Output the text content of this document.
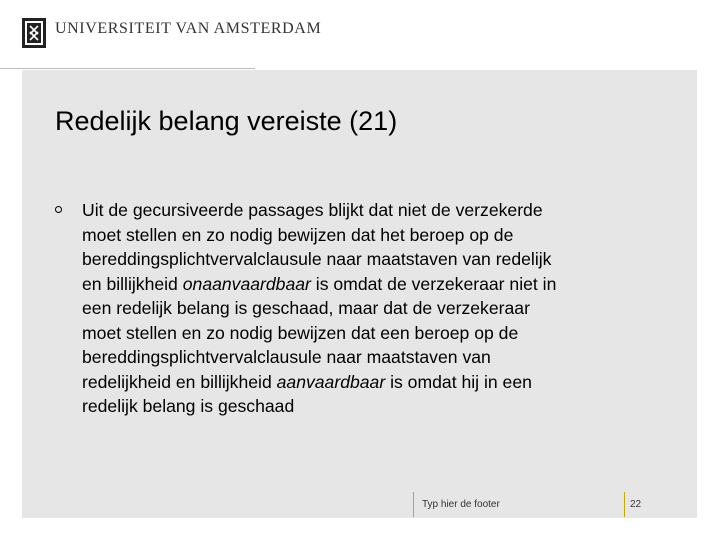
UNIVERSITEIT VAN AMSTERDAM
Redelijk belang vereiste (21)

Uit de gecursiveerde passages blijkt dat niet de verzekerde
moet stellen en zo nodig bewijzen dat het beroep op de
bereddingsplichtvervalclausule naar maatstaven van redelijk
en billijkheid onaanvaardbaar is omdat de verzekeraar niet in
een redelijk belang is geschaad, maar dat de verzekeraar
moet stellen en zo nodig bewijzen dat een beroep op de
bereddingsplichtvervalclausule naar maatstaven van
redelijkheid en billijkheid aanvaardbaar is omdat hij in een
redelijk belang is geschaad

Typ hier de footer	22
